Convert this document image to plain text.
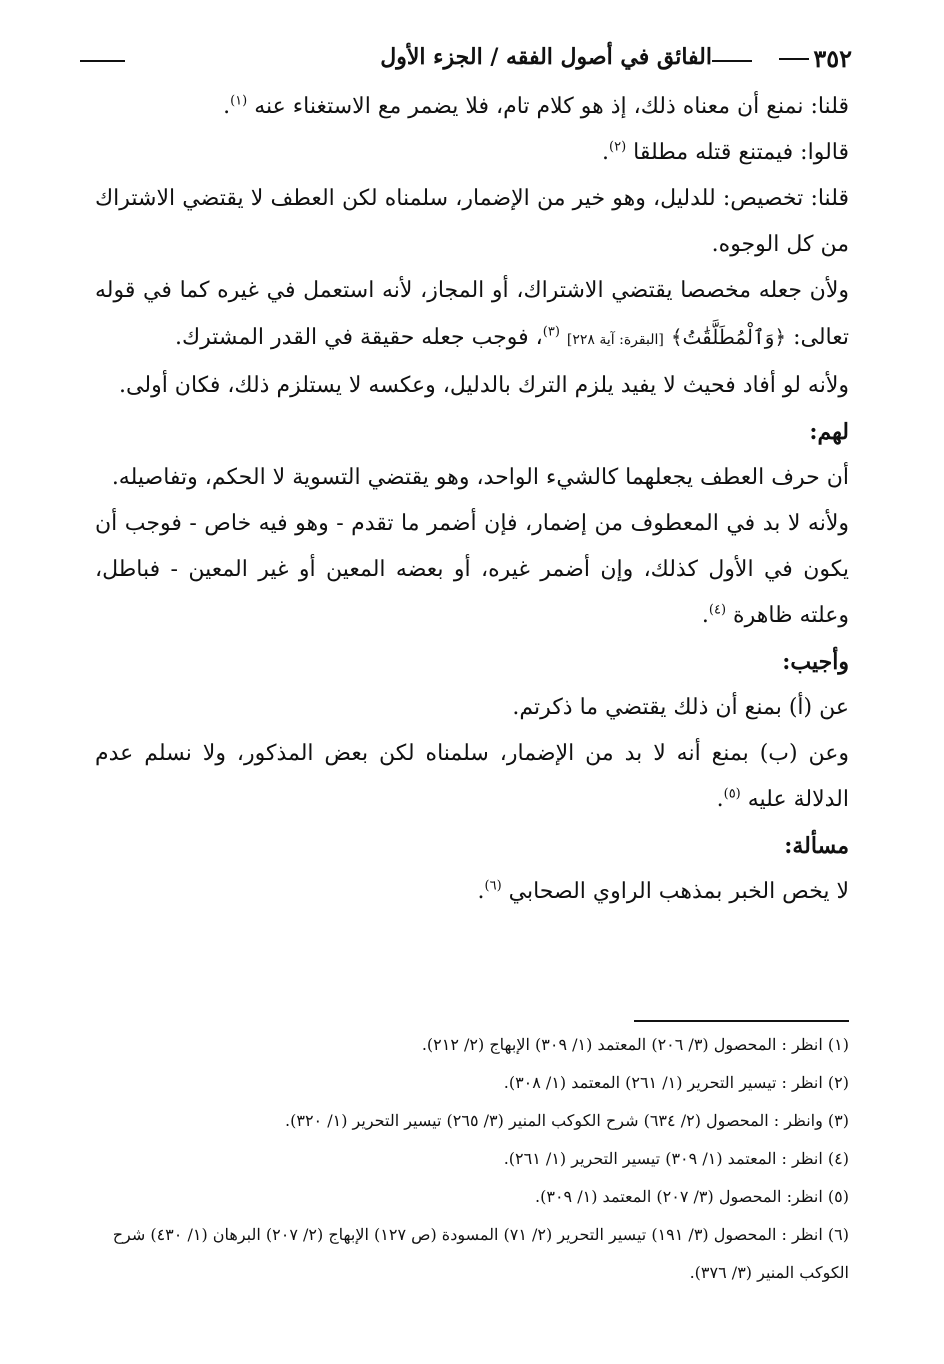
٣٥٢
الفائق في أصول الفقه / الجزء الأول

قلنا: نمنع أن معناه ذلك، إذ هو كلام تام، فلا يضمر مع الاستغناء عنه $^{(١)}$.

قالوا: فيمتنع قتله مطلقا $^{(٢)}$.

قلنا: تخصيص: للدليل، وهو خير من الإضمار، سلمناه لكن العطف لا يقتضي الاشتراك من كل الوجوه.

ولأن جعله مخصصا يقتضي الاشتراك، أو المجاز، لأنه استعمل في غيره كما في قوله تعالى: ﴿وَٱلْمُطَلَّقَٰتُ﴾ [البقرة: آية ٢٢٨] $^{(٣)}$، فوجب جعله حقيقة في القدر المشترك.

ولأنه لو أفاد فحيث لا يفيد يلزم الترك بالدليل، وعكسه لا يستلزم ذلك، فكان أولى.

لهم:

أن حرف العطف يجعلهما كالشيء الواحد، وهو يقتضي التسوية لا الحكم، وتفاصيله.

ولأنه لا بد في المعطوف من إضمار، فإن أضمر ما تقدم - وهو فيه خاص - فوجب أن يكون في الأول كذلك، وإن أضمر غيره، أو بعضه المعين أو غير المعين - فباطل، وعلته ظاهرة $^{(٤)}$.

وأجيب:

عن (أ) بمنع أن ذلك يقتضي ما ذكرتم.

وعن (ب) بمنع أنه لا بد من الإضمار، سلمناه لكن بعض المذكور، ولا نسلم عدم الدلالة عليه $^{(٥)}$.

مسألة:

لا يخص الخبر بمذهب الراوي الصحابي $^{(٦)}$.

(١) انظر : المحصول (٣/ ٢٠٦) المعتمد (١/ ٣٠٩) الإبهاج (٢/ ٢١٢).

(٢) انظر : تيسير التحرير (١/ ٢٦١) المعتمد (١/ ٣٠٨).

(٣) وانظر : المحصول (٢/ ٦٣٤) شرح الكوكب المنير (٣/ ٢٦٥) تيسير التحرير (١/ ٣٢٠).

(٤) انظر : المعتمد (١/ ٣٠٩) تيسير التحرير (١/ ٢٦١).

(٥) انظر: المحصول (٣/ ٢٠٧) المعتمد (١/ ٣٠٩).

(٦) انظر : المحصول (٣/ ١٩١) تيسير التحرير (٢/ ٧١) المسودة (ص ١٢٧) الإبهاج (٢/ ٢٠٧) البرهان (١/ ٤٣٠) شرح الكوكب المنير (٣/ ٣٧٦).
